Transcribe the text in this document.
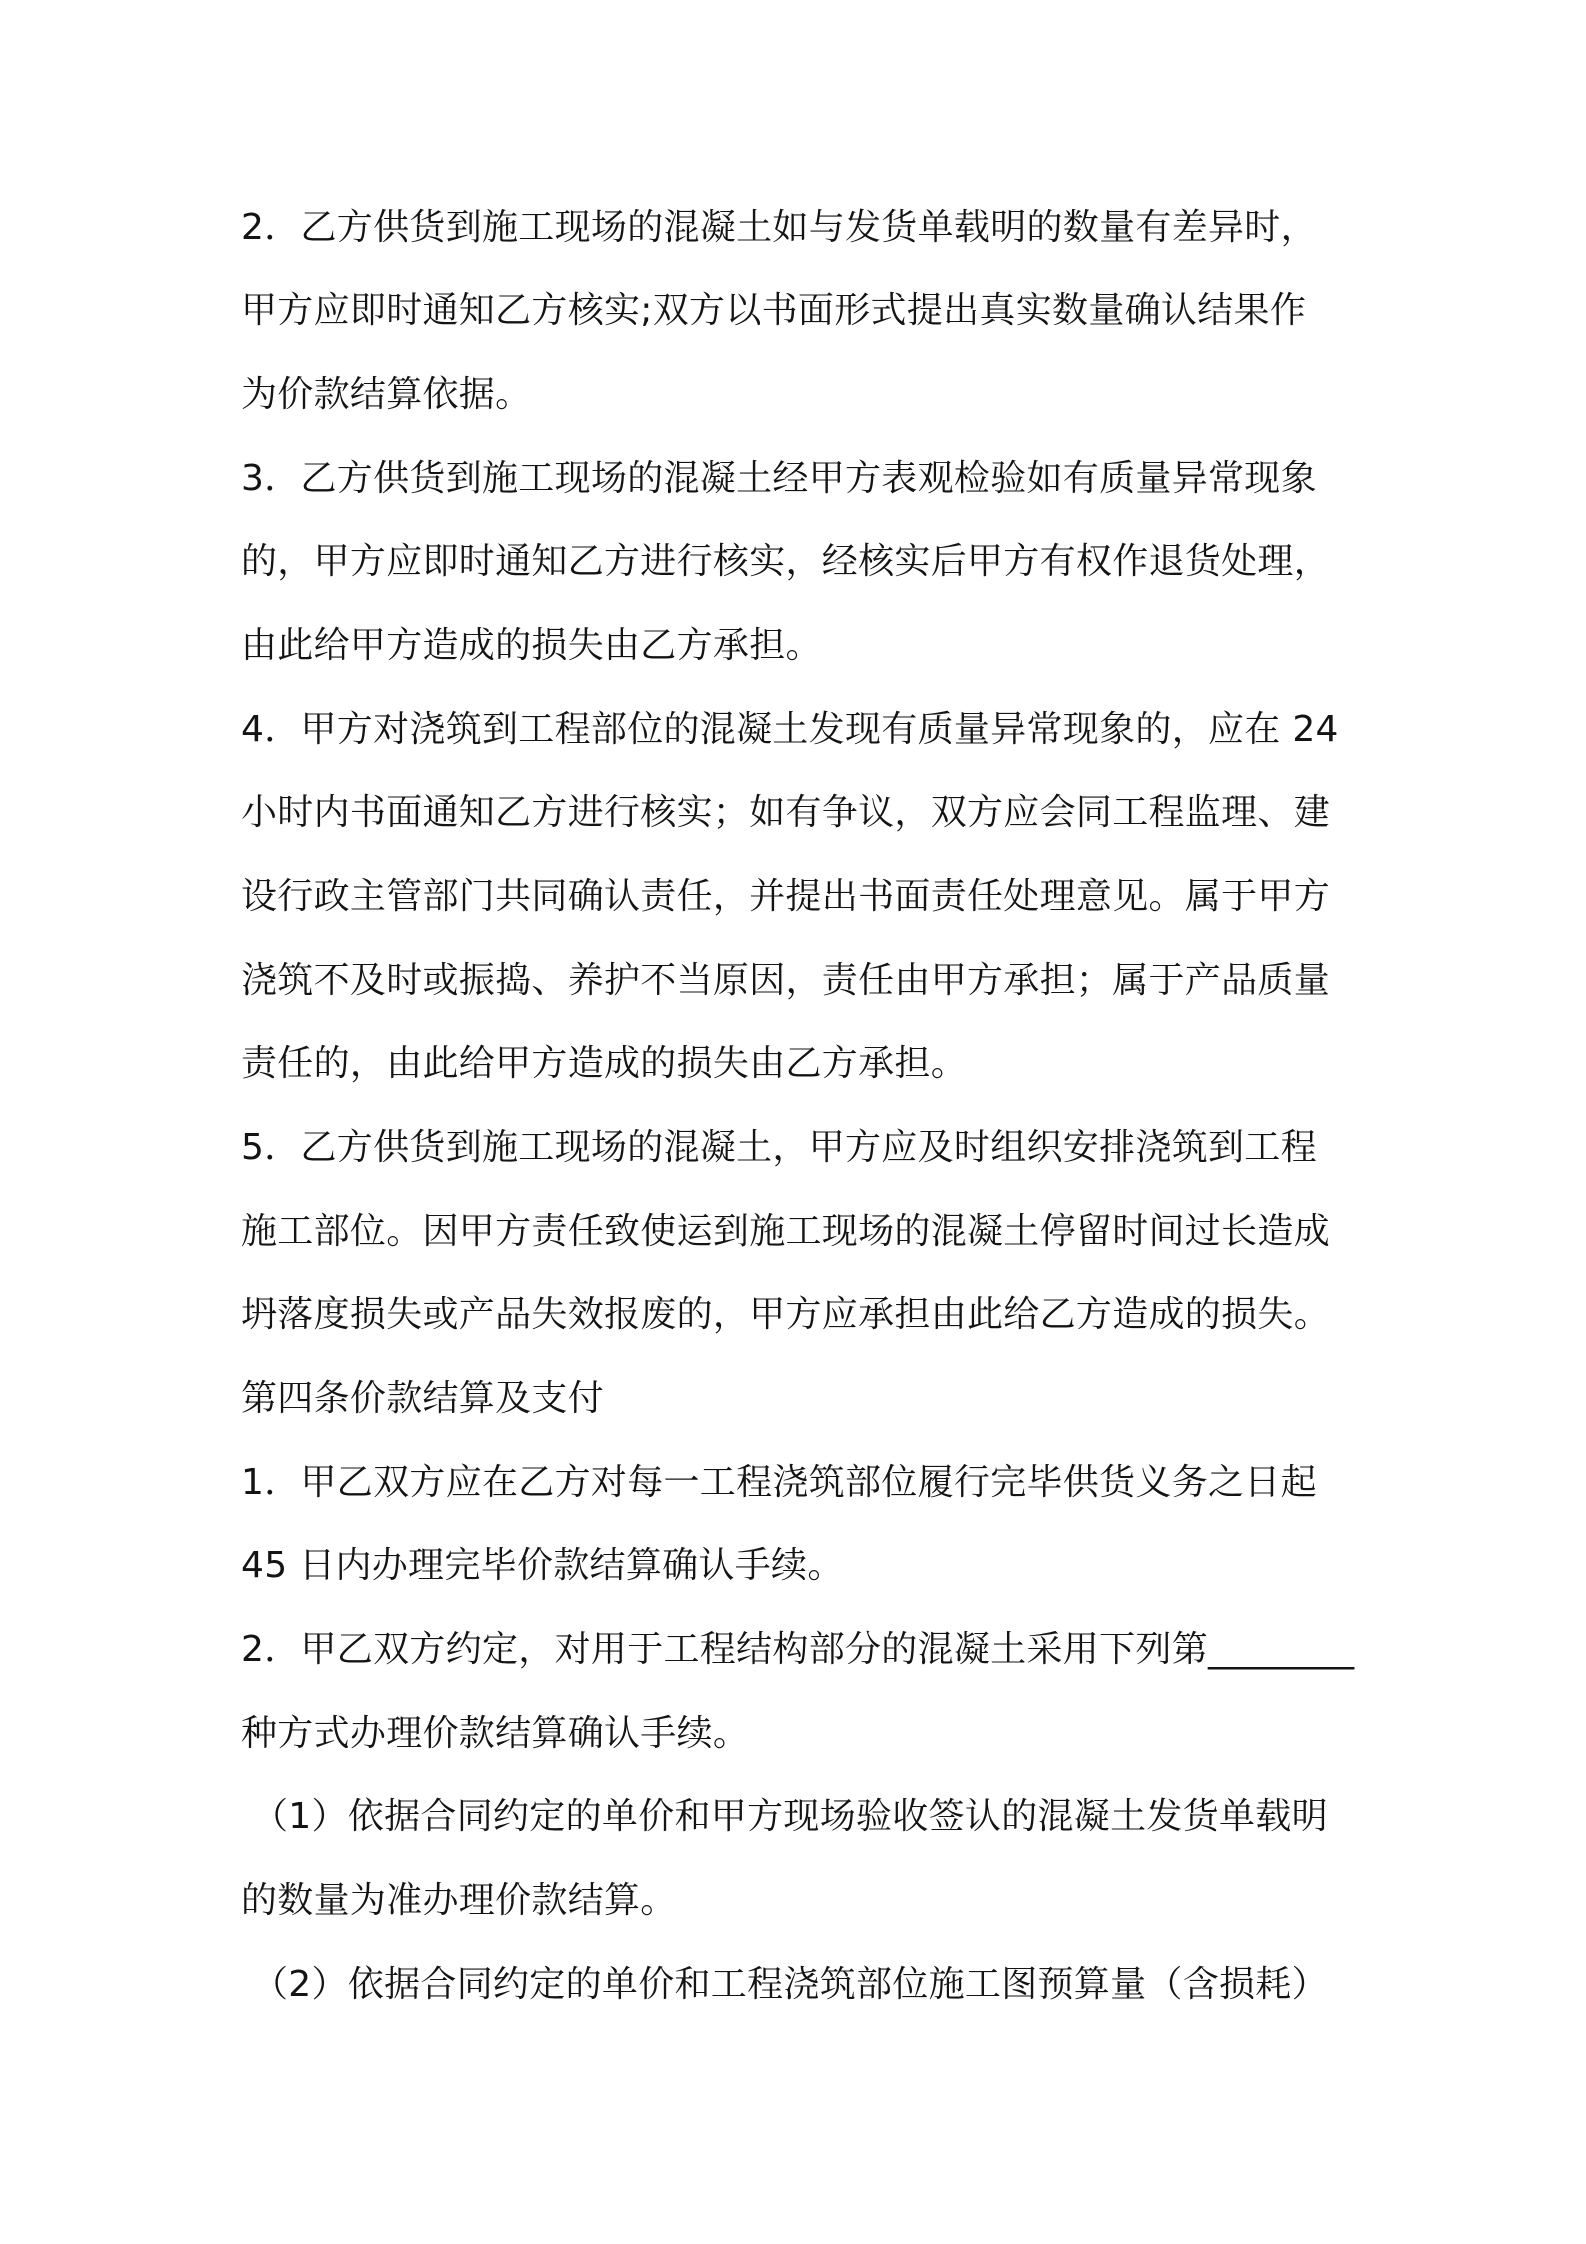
2．乙方供货到施工现场的混凝土如与发货单载明的数量有差异时，
甲方应即时通知乙方核实;双方以书面形式提出真实数量确认结果作
为价款结算依据。
3．乙方供货到施工现场的混凝土经甲方表观检验如有质量异常现象
的，甲方应即时通知乙方进行核实，经核实后甲方有权作退货处理，
由此给甲方造成的损失由乙方承担。
4．甲方对浇筑到工程部位的混凝土发现有质量异常现象的，应在 24
小时内书面通知乙方进行核实；如有争议，双方应会同工程监理、建
设行政主管部门共同确认责任，并提出书面责任处理意见。属于甲方
浇筑不及时或振捣、养护不当原因，责任由甲方承担；属于产品质量
责任的，由此给甲方造成的损失由乙方承担。
5．乙方供货到施工现场的混凝土，甲方应及时组织安排浇筑到工程
施工部位。因甲方责任致使运到施工现场的混凝土停留时间过长造成
坍落度损失或产品失效报废的，甲方应承担由此给乙方造成的损失。
第四条价款结算及支付
1．甲乙双方应在乙方对每一工程浇筑部位履行完毕供货义务之日起
45 日内办理完毕价款结算确认手续。
2．甲乙双方约定，对用于工程结构部分的混凝土采用下列第________
种方式办理价款结算确认手续。
（1）依据合同约定的单价和甲方现场验收签认的混凝土发货单载明
的数量为准办理价款结算。
（2）依据合同约定的单价和工程浇筑部位施工图预算量（含损耗）
